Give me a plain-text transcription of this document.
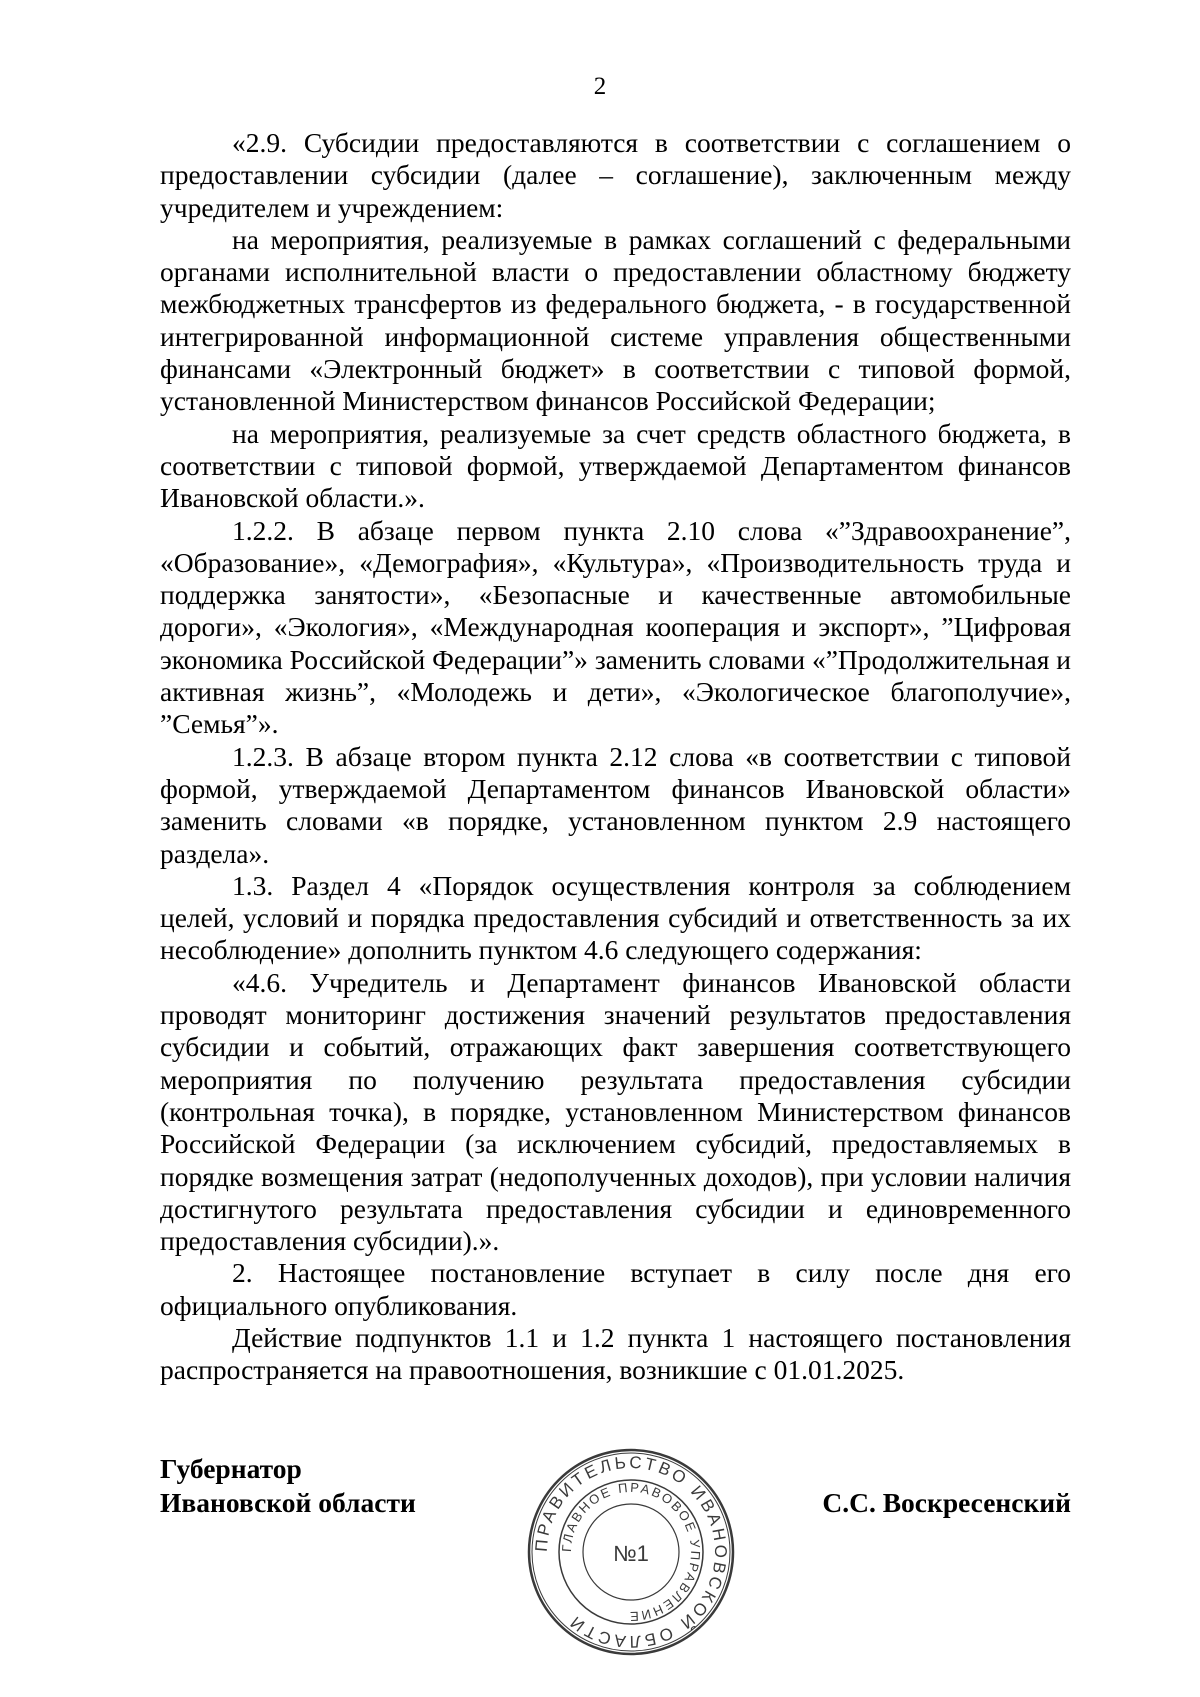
2

«2.9. Субсидии предоставляются в соответствии с соглашением о предоставлении субсидии (далее – соглашение), заключенным между учредителем и учреждением:

на мероприятия, реализуемые в рамках соглашений с федеральными органами исполнительной власти о предоставлении областному бюджету межбюджетных трансфертов из федерального бюджета, - в государственной интегрированной информационной системе управления общественными финансами «Электронный бюджет» в соответствии с типовой формой, установленной Министерством финансов Российской Федерации;

на мероприятия, реализуемые за счет средств областного бюджета, в соответствии с типовой формой, утверждаемой Департаментом финансов Ивановской области.».

1.2.2. В абзаце первом пункта 2.10 слова «”Здравоохранение”, «Образование», «Демография», «Культура», «Производительность труда и поддержка занятости», «Безопасные и качественные автомобильные дороги», «Экология», «Международная кооперация и экспорт», ”Цифровая экономика Российской Федерации”» заменить словами «”Продолжительная и активная жизнь”, «Молодежь и дети», «Экологическое благополучие», ”Семья”».

1.2.3. В абзаце втором пункта 2.12 слова «в соответствии с типовой формой, утверждаемой Департаментом финансов Ивановской области» заменить словами «в порядке, установленном пунктом 2.9 настоящего раздела».

1.3. Раздел 4 «Порядок осуществления контроля за соблюдением целей, условий и порядка предоставления субсидий и ответственность за их несоблюдение» дополнить пунктом 4.6 следующего содержания:

«4.6. Учредитель и Департамент финансов Ивановской области проводят мониторинг достижения значений результатов предоставления субсидии и событий, отражающих факт завершения соответствующего мероприятия по получению результата предоставления субсидии (контрольная точка), в порядке, установленном Министерством финансов Российской Федерации (за исключением субсидий, предоставляемых в порядке возмещения затрат (недополученных доходов), при условии наличия достигнутого результата предоставления субсидии и единовременного предоставления субсидии).».

2. Настоящее постановление вступает в силу после дня его официального опубликования.

Действие подпунктов 1.1 и 1.2 пункта 1 настоящего постановления распространяется на правоотношения, возникшие с 01.01.2025.

Губернатор
Ивановской области
ПРАВИТЕЛЬСТВО ИВАНОВСКОЙ ОБЛАСТИ
ГЛАВНОЕ ПРАВОВОЕ УПРАВЛЕНИЕ
№1
С.С. Воскресенский
